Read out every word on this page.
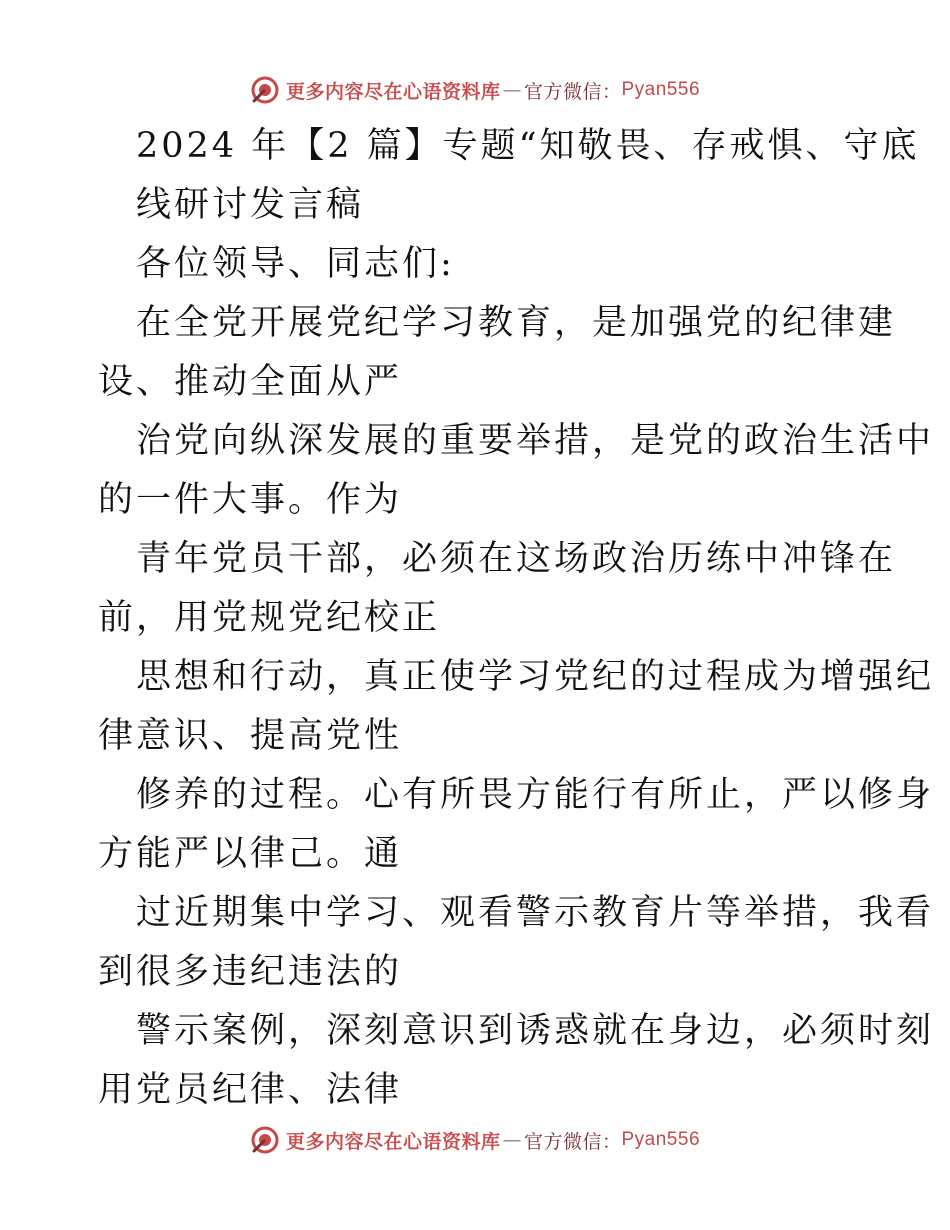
更多内容尽在心语资料库 — 官方微信： Pyan556
2024 年【2 篇】专题“知敬畏、存戒惧、守底
线研讨发言稿
各位领导、同志们:
在全党开展党纪学习教育，是加强党的纪律建
设、推动全面从严
治党向纵深发展的重要举措，是党的政治生活中
的一件大事。作为
青年党员干部，必须在这场政治历练中冲锋在
前，用党规党纪校正
思想和行动，真正使学习党纪的过程成为增强纪
律意识、提高党性
修养的过程。心有所畏方能行有所止，严以修身
方能严以律己。通
过近期集中学习、观看警示教育片等举措，我看
到很多违纪违法的
警示案例，深刻意识到诱惑就在身边，必须时刻
用党员纪律、法律
更多内容尽在心语资料库 — 官方微信： Pyan556
